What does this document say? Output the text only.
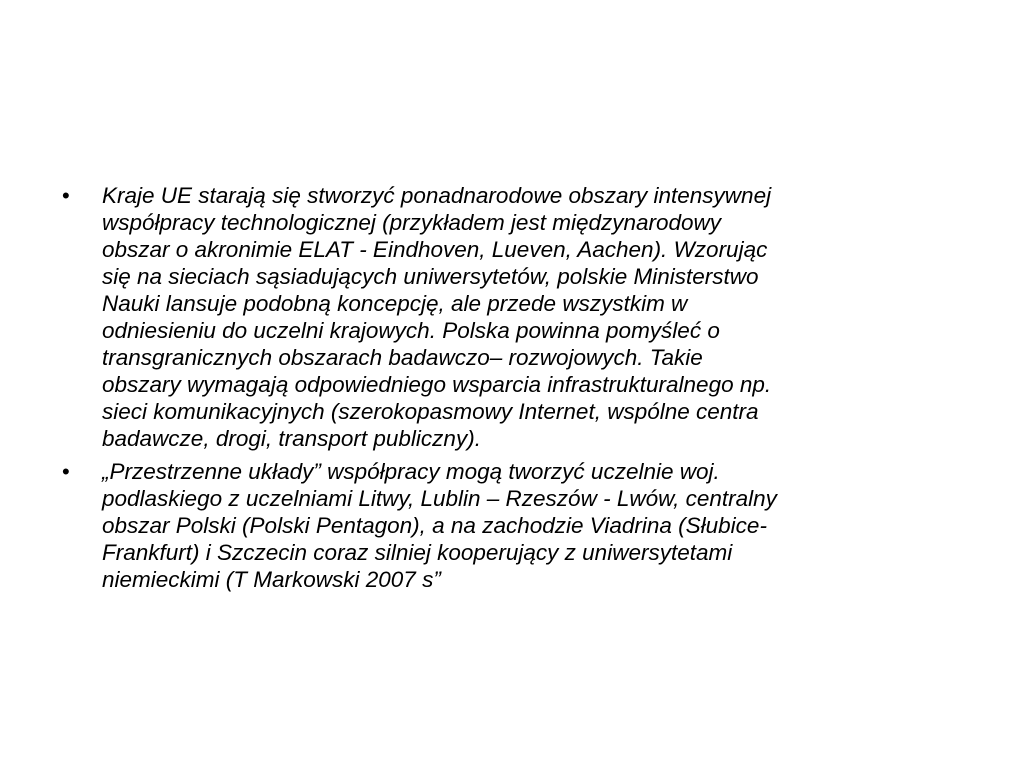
• Kraje UE starają się stworzyć ponadnarodowe obszary intensywnej
współpracy technologicznej (przykładem jest międzynarodowy
obszar o akronimie ELAT - Eindhoven, Lueven, Aachen). Wzorując
się na sieciach sąsiadujących uniwersytetów, polskie Ministerstwo
Nauki lansuje podobną koncepcję, ale przede wszystkim w
odniesieniu do uczelni krajowych. Polska powinna pomyśleć o
transgranicznych obszarach badawczo– rozwojowych. Takie
obszary wymagają odpowiedniego wsparcia infrastrukturalnego np.
sieci komunikacyjnych (szerokopasmowy Internet, wspólne centra
badawcze, drogi, transport publiczny).
• „Przestrzenne układy” współpracy mogą tworzyć uczelnie woj.
podlaskiego z uczelniami Litwy, Lublin – Rzeszów - Lwów, centralny
obszar Polski (Polski Pentagon), a na zachodzie Viadrina (Słubice-
Frankfurt) i Szczecin coraz silniej kooperujący z uniwersytetami
niemieckimi (T Markowski 2007 s”
